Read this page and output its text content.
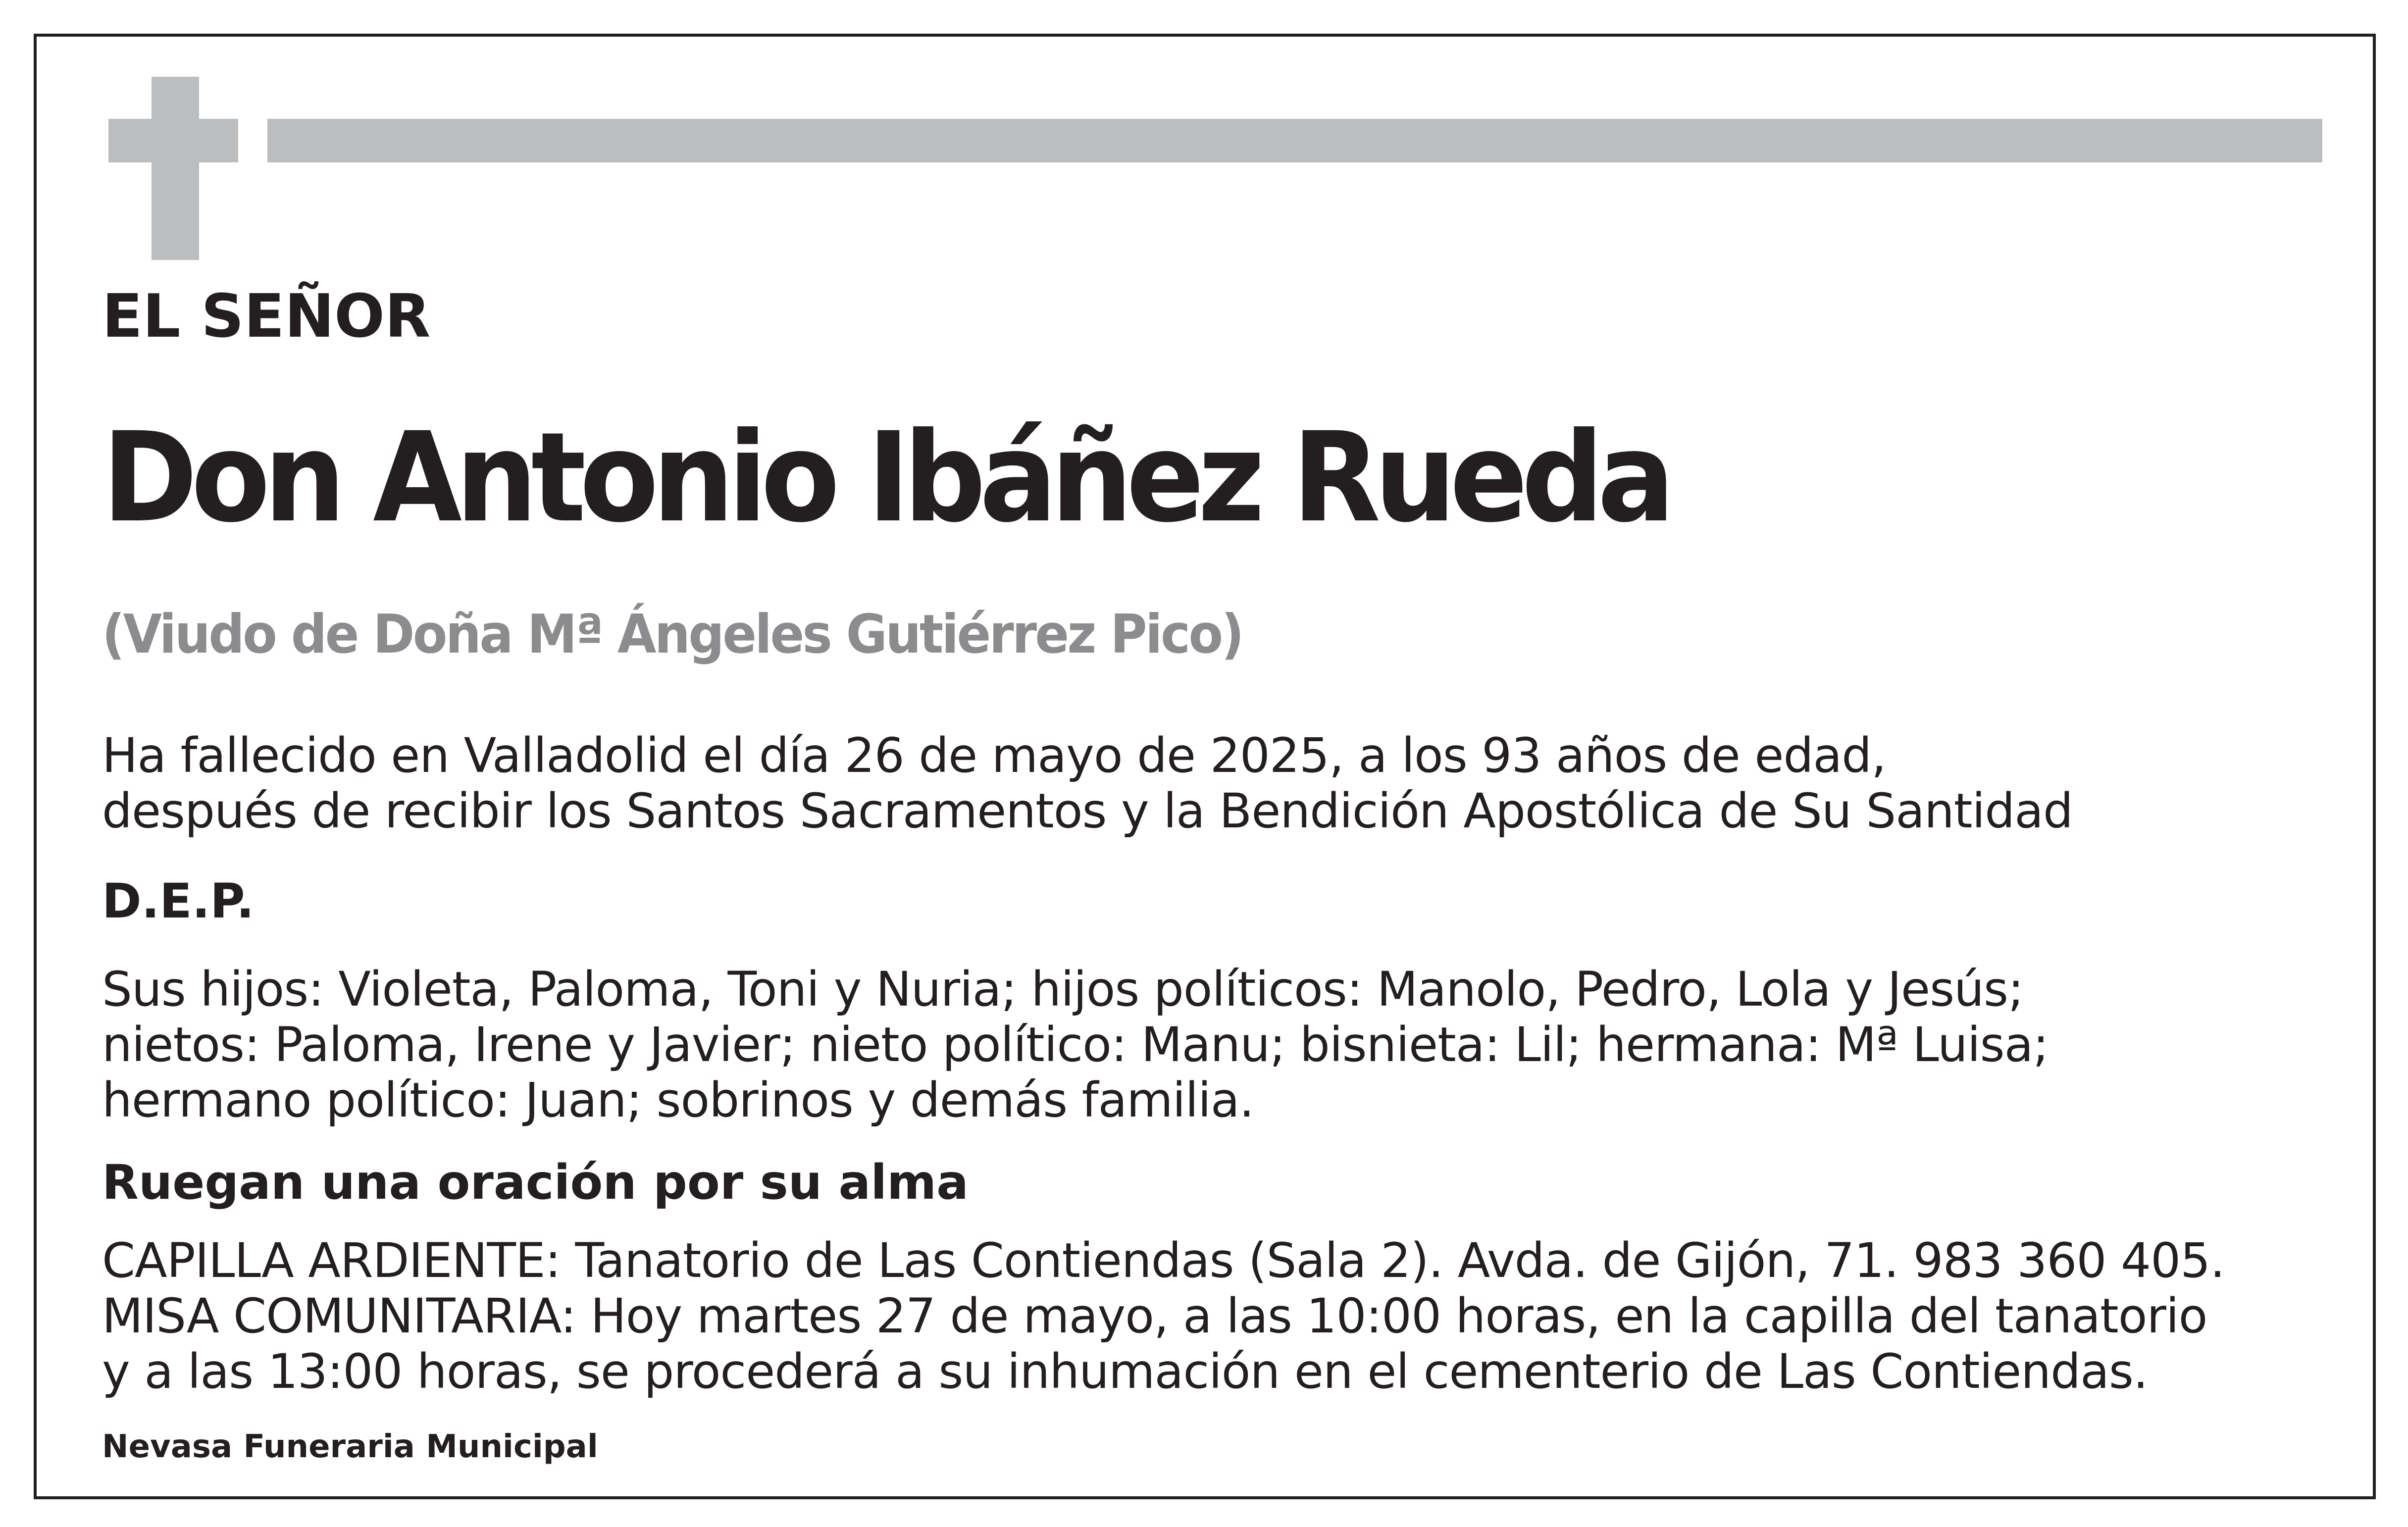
EL SEÑOR

Don Antonio Ibáñez Rueda

(Viudo de Doña Mª Ángeles Gutiérrez Pico)

Ha fallecido en Valladolid el día 26 de mayo de 2025, a los 93 años de edad,
después de recibir los Santos Sacramentos y la Bendición Apostólica de Su Santidad

D.E.P.

Sus hijos: Violeta, Paloma, Toni y Nuria; hijos políticos: Manolo, Pedro, Lola y Jesús;
nietos: Paloma, Irene y Javier; nieto político: Manu; bisnieta: Lil; hermana: Mª Luisa;
hermano político: Juan; sobrinos y demás familia.

Ruegan una oración por su alma

CAPILLA ARDIENTE: Tanatorio de Las Contiendas (Sala 2). Avda. de Gijón, 71. 983 360 405.
MISA COMUNITARIA: Hoy martes 27 de mayo, a las 10:00 horas, en la capilla del tanatorio
y a las 13:00 horas, se procederá a su inhumación en el cementerio de Las Contiendas.

Nevasa Funeraria Municipal
